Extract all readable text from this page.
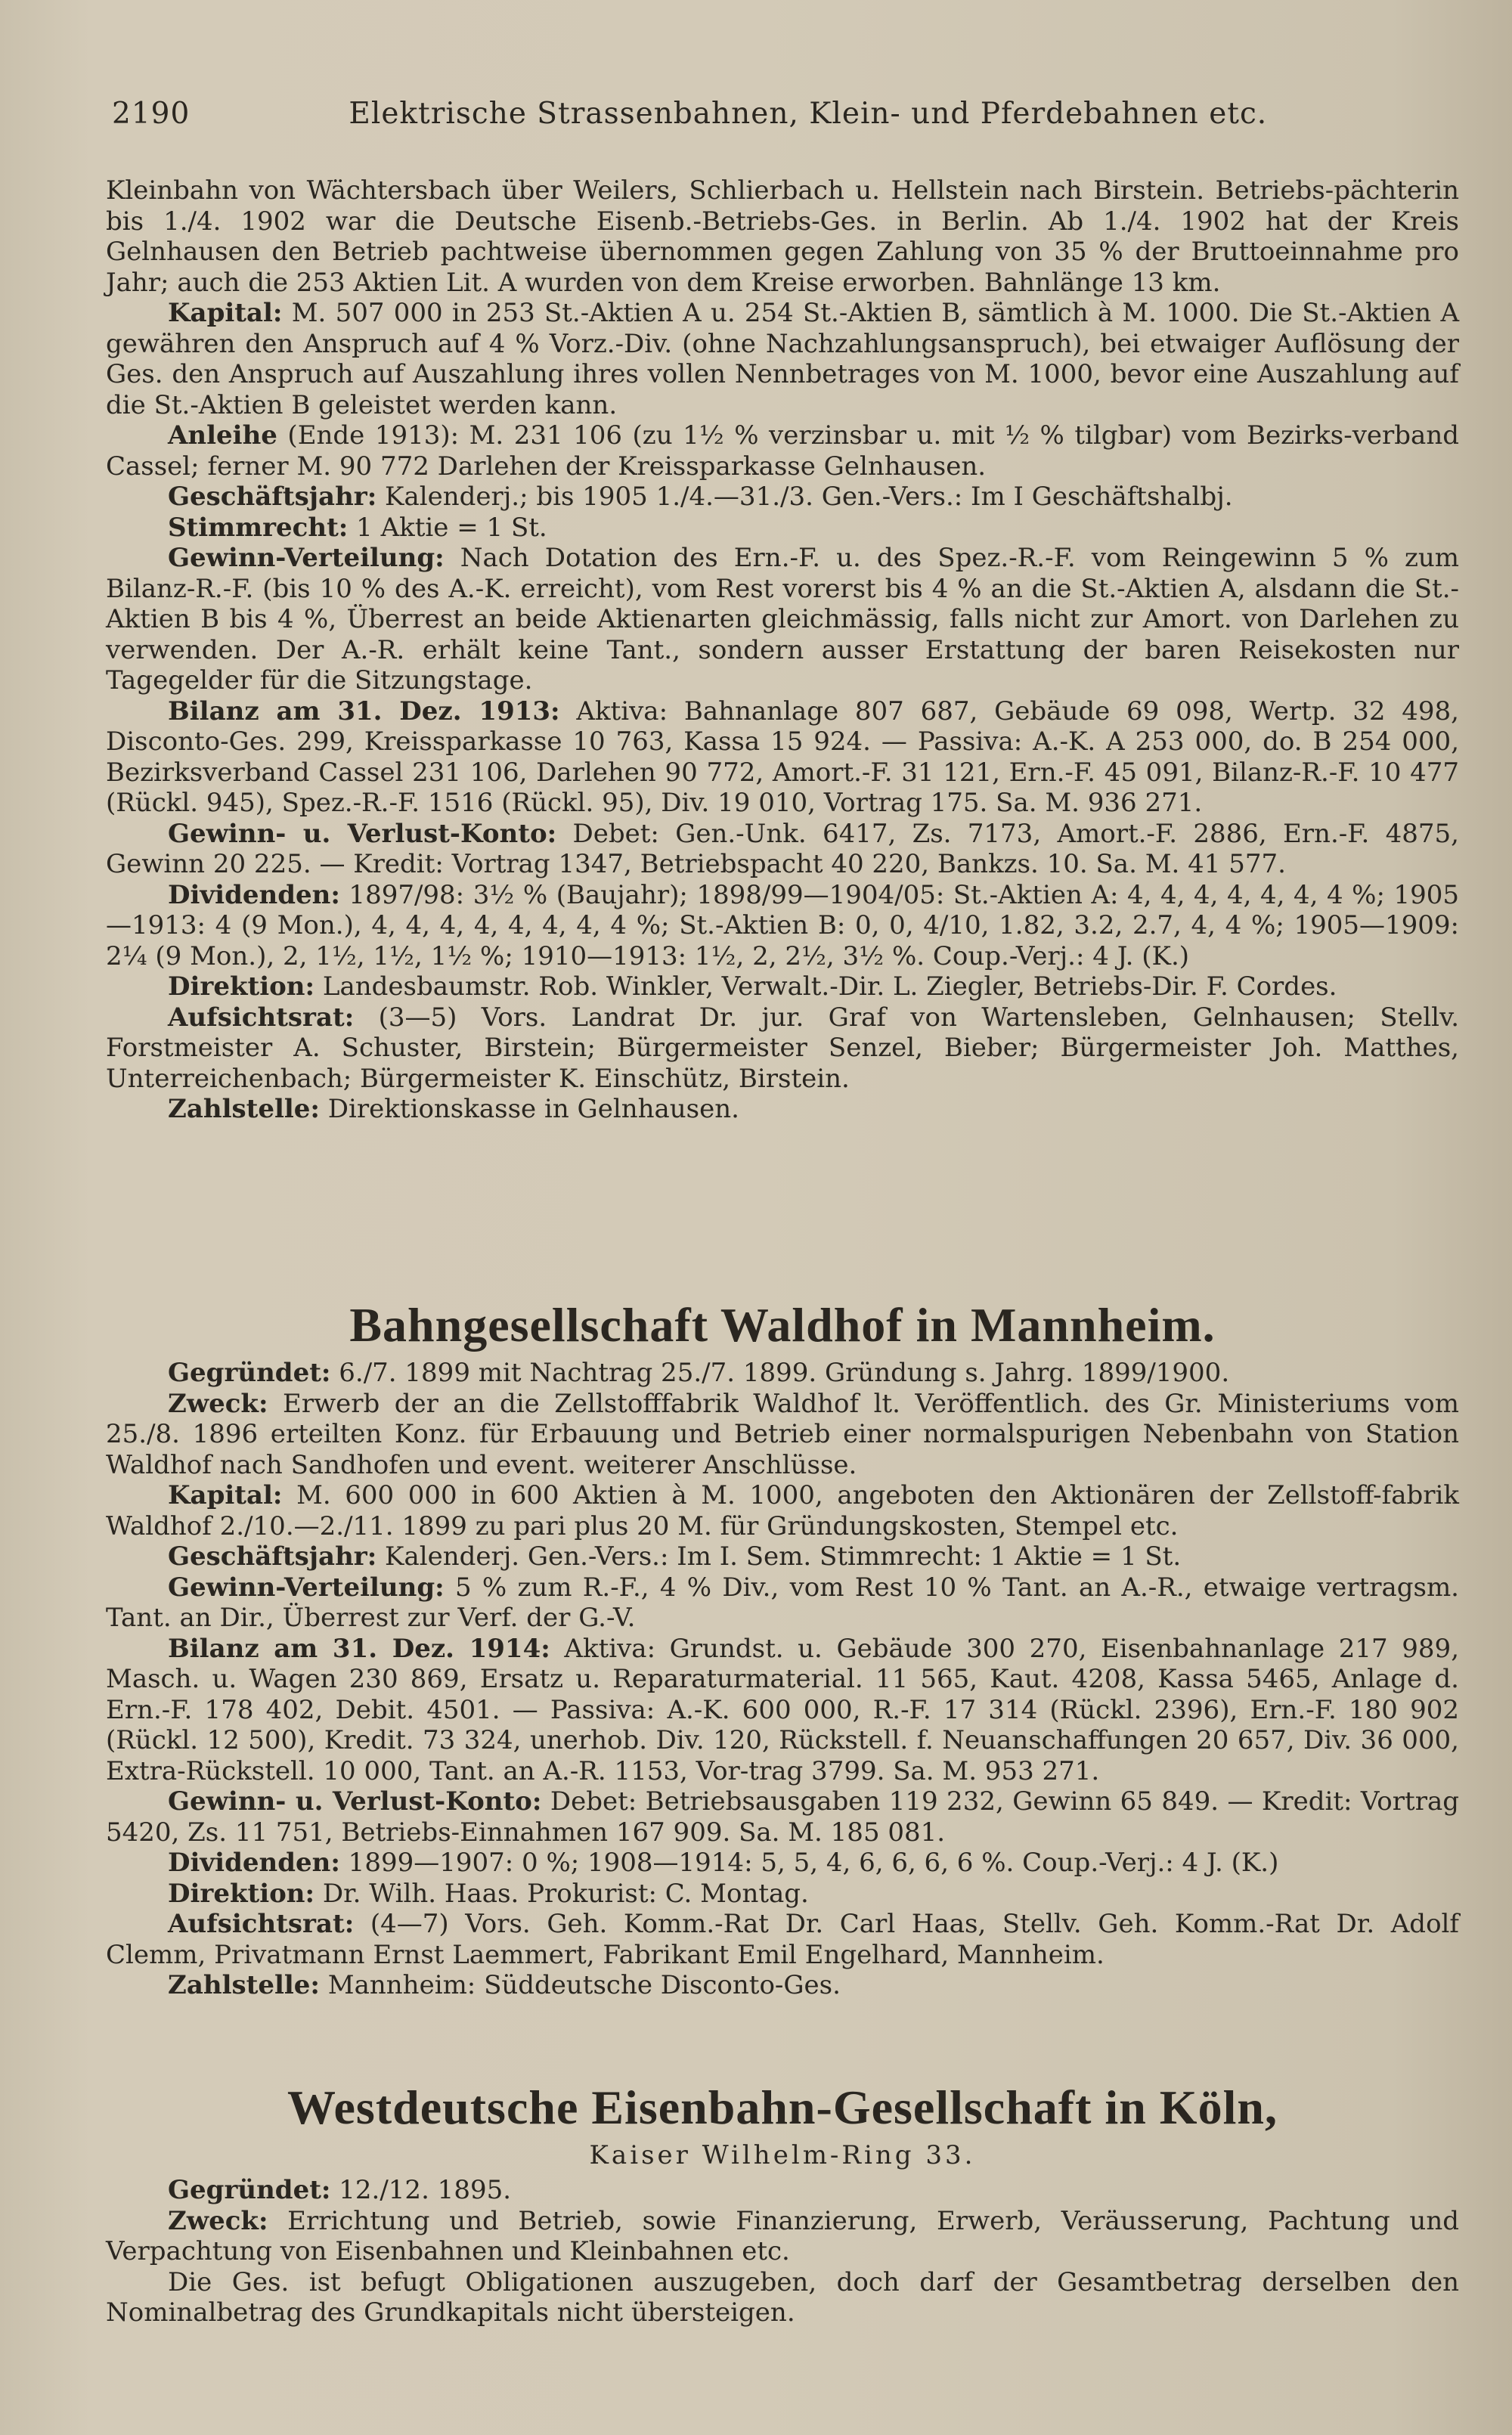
2190	Elektrische Strassenbahnen, Klein- und Pferdebahnen etc.

Kleinbahn von Wächtersbach über Weilers, Schlierbach u. Hellstein nach Birstein. Betriebs-pächterin bis 1./4. 1902 war die Deutsche Eisenb.-Betriebs-Ges. in Berlin. Ab 1./4. 1902 hat der Kreis Gelnhausen den Betrieb pachtweise übernommen gegen Zahlung von 35 % der Bruttoeinnahme pro Jahr; auch die 253 Aktien Lit. A wurden von dem Kreise erworben. Bahnlänge 13 km.

Kapital: M. 507 000 in 253 St.-Aktien A u. 254 St.-Aktien B, sämtlich à M. 1000. Die St.-Aktien A gewähren den Anspruch auf 4 % Vorz.-Div. (ohne Nachzahlungsanspruch), bei etwaiger Auflösung der Ges. den Anspruch auf Auszahlung ihres vollen Nennbetrages von M. 1000, bevor eine Auszahlung auf die St.-Aktien B geleistet werden kann.

Anleihe (Ende 1913): M. 231 106 (zu 1½ % verzinsbar u. mit ½ % tilgbar) vom Bezirks-verband Cassel; ferner M. 90 772 Darlehen der Kreissparkasse Gelnhausen.

Geschäftsjahr: Kalenderj.; bis 1905 1./4.—31./3. Gen.-Vers.: Im I Geschäftshalbj.

Stimmrecht: 1 Aktie = 1 St.

Gewinn-Verteilung: Nach Dotation des Ern.-F. u. des Spez.-R.-F. vom Reingewinn 5 % zum Bilanz-R.-F. (bis 10 % des A.-K. erreicht), vom Rest vorerst bis 4 % an die St.-Aktien A, alsdann die St.-Aktien B bis 4 %, Überrest an beide Aktienarten gleichmässig, falls nicht zur Amort. von Darlehen zu verwenden. Der A.-R. erhält keine Tant., sondern ausser Erstattung der baren Reisekosten nur Tagegelder für die Sitzungstage.

Bilanz am 31. Dez. 1913: Aktiva: Bahnanlage 807 687, Gebäude 69 098, Wertp. 32 498, Disconto-Ges. 299, Kreissparkasse 10 763, Kassa 15 924. — Passiva: A.-K. A 253 000, do. B 254 000, Bezirksverband Cassel 231 106, Darlehen 90 772, Amort.-F. 31 121, Ern.-F. 45 091, Bilanz-R.-F. 10 477 (Rückl. 945), Spez.-R.-F. 1516 (Rückl. 95), Div. 19 010, Vortrag 175. Sa. M. 936 271.

Gewinn- u. Verlust-Konto: Debet: Gen.-Unk. 6417, Zs. 7173, Amort.-F. 2886, Ern.-F. 4875, Gewinn 20 225. — Kredit: Vortrag 1347, Betriebspacht 40 220, Bankzs. 10. Sa. M. 41 577.

Dividenden: 1897/98: 3½ % (Baujahr); 1898/99—1904/05: St.-Aktien A: 4, 4, 4, 4, 4, 4, 4 %; 1905—1913: 4 (9 Mon.), 4, 4, 4, 4, 4, 4, 4, 4 %; St.-Aktien B: 0, 0, 4/10, 1.82, 3.2, 2.7, 4, 4 %; 1905—1909: 2¼ (9 Mon.), 2, 1½, 1½, 1½ %; 1910—1913: 1½, 2, 2½, 3½ %. Coup.-Verj.: 4 J. (K.)

Direktion: Landesbaumstr. Rob. Winkler, Verwalt.-Dir. L. Ziegler, Betriebs-Dir. F. Cordes.

Aufsichtsrat: (3—5) Vors. Landrat Dr. jur. Graf von Wartensleben, Gelnhausen; Stellv. Forstmeister A. Schuster, Birstein; Bürgermeister Senzel, Bieber; Bürgermeister Joh. Matthes, Unterreichenbach; Bürgermeister K. Einschütz, Birstein.

Zahlstelle: Direktionskasse in Gelnhausen.

Bahngesellschaft Waldhof in Mannheim.

Gegründet: 6./7. 1899 mit Nachtrag 25./7. 1899. Gründung s. Jahrg. 1899/1900.

Zweck: Erwerb der an die Zellstofffabrik Waldhof lt. Veröffentlich. des Gr. Ministeriums vom 25./8. 1896 erteilten Konz. für Erbauung und Betrieb einer normalspurigen Nebenbahn von Station Waldhof nach Sandhofen und event. weiterer Anschlüsse.

Kapital: M. 600 000 in 600 Aktien à M. 1000, angeboten den Aktionären der Zellstoff-fabrik Waldhof 2./10.—2./11. 1899 zu pari plus 20 M. für Gründungskosten, Stempel etc.

Geschäftsjahr: Kalenderj. Gen.-Vers.: Im I. Sem. Stimmrecht: 1 Aktie = 1 St.

Gewinn-Verteilung: 5 % zum R.-F., 4 % Div., vom Rest 10 % Tant. an A.-R., etwaige vertragsm. Tant. an Dir., Überrest zur Verf. der G.-V.

Bilanz am 31. Dez. 1914: Aktiva: Grundst. u. Gebäude 300 270, Eisenbahnanlage 217 989, Masch. u. Wagen 230 869, Ersatz u. Reparaturmaterial. 11 565, Kaut. 4208, Kassa 5465, Anlage d. Ern.-F. 178 402, Debit. 4501. — Passiva: A.-K. 600 000, R.-F. 17 314 (Rückl. 2396), Ern.-F. 180 902 (Rückl. 12 500), Kredit. 73 324, unerhob. Div. 120, Rückstell. f. Neuanschaffungen 20 657, Div. 36 000, Extra-Rückstell. 10 000, Tant. an A.-R. 1153, Vor-trag 3799. Sa. M. 953 271.

Gewinn- u. Verlust-Konto: Debet: Betriebsausgaben 119 232, Gewinn 65 849. — Kredit: Vortrag 5420, Zs. 11 751, Betriebs-Einnahmen 167 909. Sa. M. 185 081.

Dividenden: 1899—1907: 0 %; 1908—1914: 5, 5, 4, 6, 6, 6, 6 %. Coup.-Verj.: 4 J. (K.)

Direktion: Dr. Wilh. Haas. Prokurist: C. Montag.

Aufsichtsrat: (4—7) Vors. Geh. Komm.-Rat Dr. Carl Haas, Stellv. Geh. Komm.-Rat Dr. Adolf Clemm, Privatmann Ernst Laemmert, Fabrikant Emil Engelhard, Mannheim.

Zahlstelle: Mannheim: Süddeutsche Disconto-Ges.

Westdeutsche Eisenbahn-Gesellschaft in Köln,
Kaiser Wilhelm-Ring 33.

Gegründet: 12./12. 1895.

Zweck: Errichtung und Betrieb, sowie Finanzierung, Erwerb, Veräusserung, Pachtung und Verpachtung von Eisenbahnen und Kleinbahnen etc.

Die Ges. ist befugt Obligationen auszugeben, doch darf der Gesamtbetrag derselben den Nominalbetrag des Grundkapitals nicht übersteigen.
